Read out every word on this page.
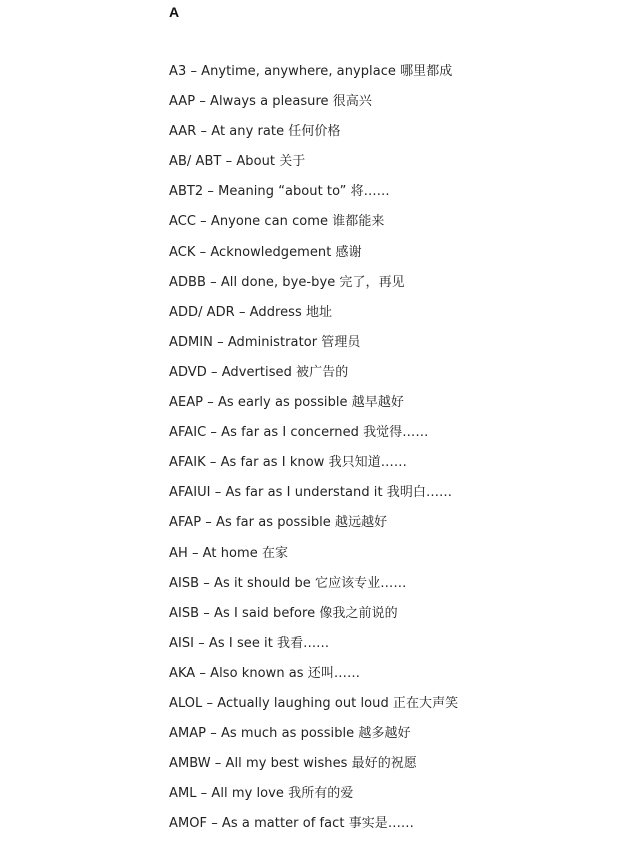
A
A3 – Anytime, anywhere, anyplace 哪里都成
AAP – Always a pleasure 很高兴
AAR – At any rate 任何价格
AB/ ABT – About 关于
ABT2 – Meaning “about to” 将……
ACC – Anyone can come 谁都能来
ACK – Acknowledgement 感谢
ADBB – All done, bye-bye 完了，再见
ADD/ ADR – Address 地址
ADMIN – Administrator 管理员
ADVD – Advertised 被广告的
AEAP – As early as possible 越早越好
AFAIC – As far as I concerned 我觉得……
AFAIK – As far as I know 我只知道……
AFAIUI – As far as I understand it 我明白……
AFAP – As far as possible 越远越好
AH – At home 在家
AISB – As it should be 它应该专业……
AISB – As I said before 像我之前说的
AISI – As I see it 我看……
AKA – Also known as 还叫……
ALOL – Actually laughing out loud 正在大声笑
AMAP – As much as possible 越多越好
AMBW – All my best wishes 最好的祝愿
AML – All my love 我所有的爱
AMOF – As a matter of fact 事实是……
